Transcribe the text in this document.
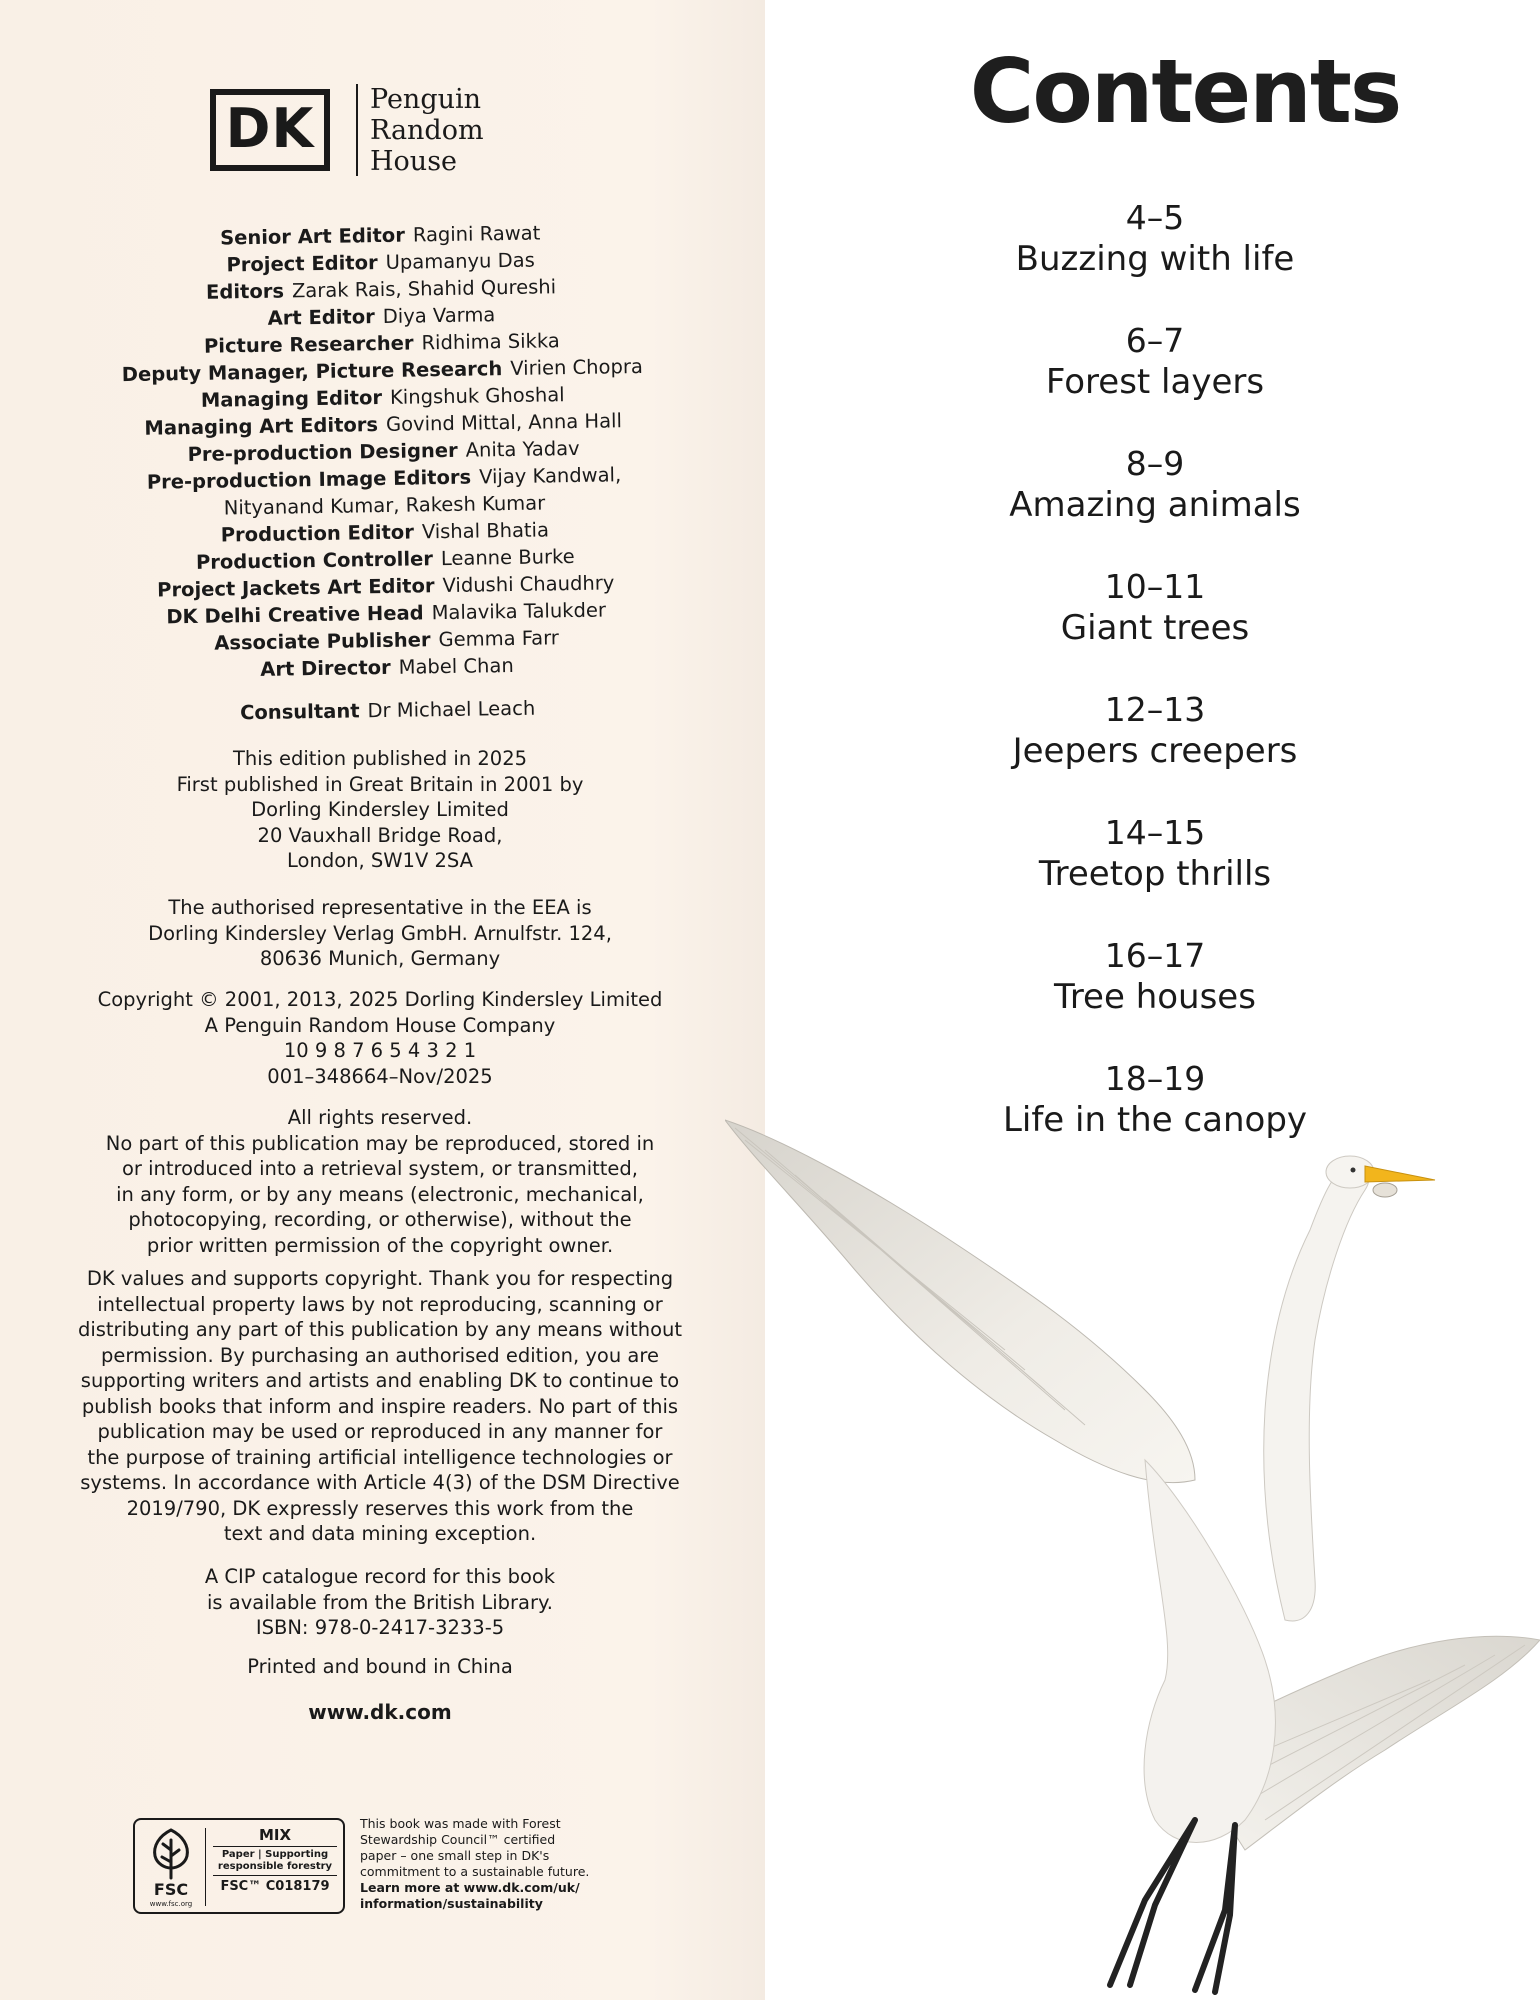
DK	Penguin
Random
House
Senior Art Editor Ragini Rawat
Project Editor Upamanyu Das
Editors Zarak Rais, Shahid Qureshi
Art Editor Diya Varma
Picture Researcher Ridhima Sikka
Deputy Manager, Picture Research Virien Chopra
Managing Editor Kingshuk Ghoshal
Managing Art Editors Govind Mittal, Anna Hall
Pre-production Designer Anita Yadav
Pre-production Image Editors Vijay Kandwal,
Nityanand Kumar, Rakesh Kumar
Production Editor Vishal Bhatia
Production Controller Leanne Burke
Project Jackets Art Editor Vidushi Chaudhry
DK Delhi Creative Head Malavika Talukder
Associate Publisher Gemma Farr
Art Director Mabel Chan
Consultant Dr Michael Leach
This edition published in 2025
First published in Great Britain in 2001 by
Dorling Kindersley Limited
20 Vauxhall Bridge Road,
London, SW1V 2SA
The authorised representative in the EEA is
Dorling Kindersley Verlag GmbH. Arnulfstr. 124,
80636 Munich, Germany
Copyright © 2001, 2013, 2025 Dorling Kindersley Limited
A Penguin Random House Company
10 9 8 7 6 5 4 3 2 1
001–348664–Nov/2025
All rights reserved.
No part of this publication may be reproduced, stored in
or introduced into a retrieval system, or transmitted,
in any form, or by any means (electronic, mechanical,
photocopying, recording, or otherwise), without the
prior written permission of the copyright owner.
DK values and supports copyright. Thank you for respecting
intellectual property laws by not reproducing, scanning or
distributing any part of this publication by any means without
permission. By purchasing an authorised edition, you are
supporting writers and artists and enabling DK to continue to
publish books that inform and inspire readers. No part of this
publication may be used or reproduced in any manner for
the purpose of training artificial intelligence technologies or
systems. In accordance with Article 4(3) of the DSM Directive
2019/790, DK expressly reserves this work from the
text and data mining exception.
A CIP catalogue record for this book
is available from the British Library.
ISBN: 978-0-2417-3233-5
Printed and bound in China
www.dk.com
FSC
www.fsc.org
MIX
Paper | Supporting
responsible forestry
FSC™ C018179
This book was made with Forest
Stewardship Council™ certified
paper – one small step in DK's
commitment to a sustainable future.
Learn more at www.dk.com/uk/
information/sustainability
Contents
4–5
Buzzing with life
6–7
Forest layers
8–9
Amazing animals
10–11
Giant trees
12–13
Jeepers creepers
14–15
Treetop thrills
16–17
Tree houses
18–19
Life in the canopy
